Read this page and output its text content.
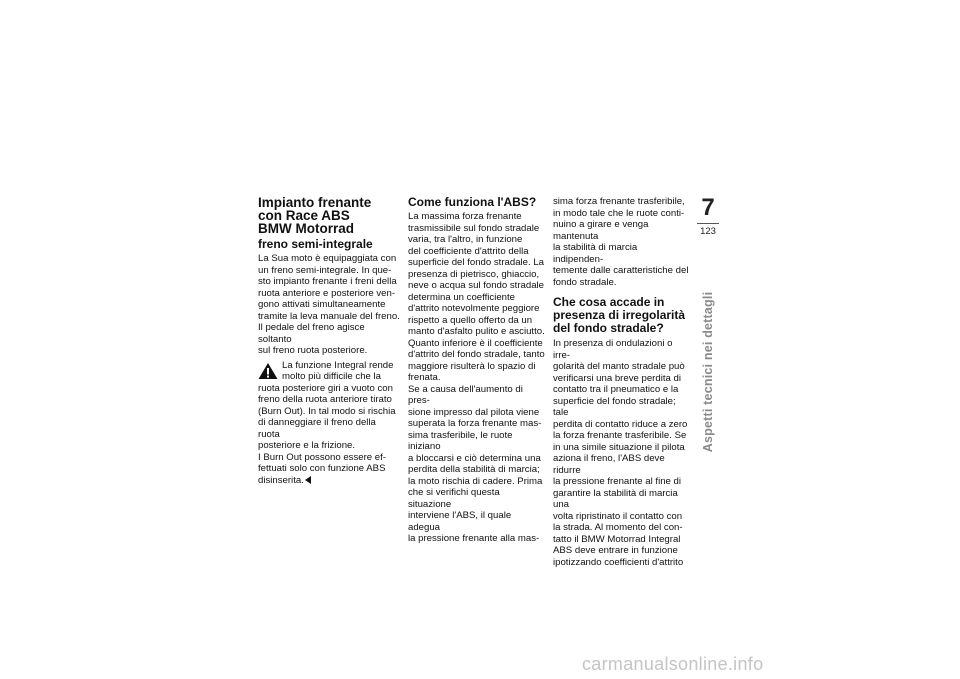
Impianto frenante
con Race ABS
BMW Motorrad
freno semi-integrale

La Sua moto è equipaggiata con
un freno semi-integrale. In que-
sto impianto frenante i freni della
ruota anteriore e posteriore ven-
gono attivati simultaneamente
tramite la leva manuale del freno.
Il pedale del freno agisce soltanto
sul freno ruota posteriore.

La funzione Integral rende
molto più difficile che la

ruota posteriore giri a vuoto con
freno della ruota anteriore tirato
(Burn Out). In tal modo si rischia
di danneggiare il freno della ruota
posteriore e la frizione.
I Burn Out possono essere ef-
fettuati solo con funzione ABS
disinserita.

Come funziona l'ABS?

La massima forza frenante
trasmissibile sul fondo stradale
varia, tra l'altro, in funzione
del coefficiente d'attrito della
superficie del fondo stradale. La
presenza di pietrisco, ghiaccio,
neve o acqua sul fondo stradale
determina un coefficiente
d'attrito notevolmente peggiore
rispetto a quello offerto da un
manto d'asfalto pulito e asciutto.
Quanto inferiore è il coefficiente
d'attrito del fondo stradale, tanto
maggiore risulterà lo spazio di
frenata.
Se a causa dell'aumento di pres-
sione impresso dal pilota viene
superata la forza frenante mas-
sima trasferibile, le ruote iniziano
a bloccarsi e ciò determina una
perdita della stabilità di marcia;
la moto rischia di cadere. Prima
che si verifichi questa situazione
interviene l'ABS, il quale adegua
la pressione frenante alla mas-

sima forza frenante trasferibile,
in modo tale che le ruote conti-
nuino a girare e venga mantenuta
la stabilità di marcia indipenden-
temente dalle caratteristiche del
fondo stradale.

Che cosa accade in
presenza di irregolarità
del fondo stradale?

In presenza di ondulazioni o irre-
golarità del manto stradale può
verificarsi una breve perdita di
contatto tra il pneumatico e la
superficie del fondo stradale; tale
perdita di contatto riduce a zero
la forza frenante trasferibile. Se
in una simile situazione il pilota
aziona il freno, l'ABS deve ridurre
la pressione frenante al fine di
garantire la stabilità di marcia una
volta ripristinato il contatto con
la strada. Al momento del con-
tatto il BMW Motorrad Integral
ABS deve entrare in funzione
ipotizzando coefficienti d'attrito

7
123
Aspetti tecnici nei dettagli
carmanualsonline.info
